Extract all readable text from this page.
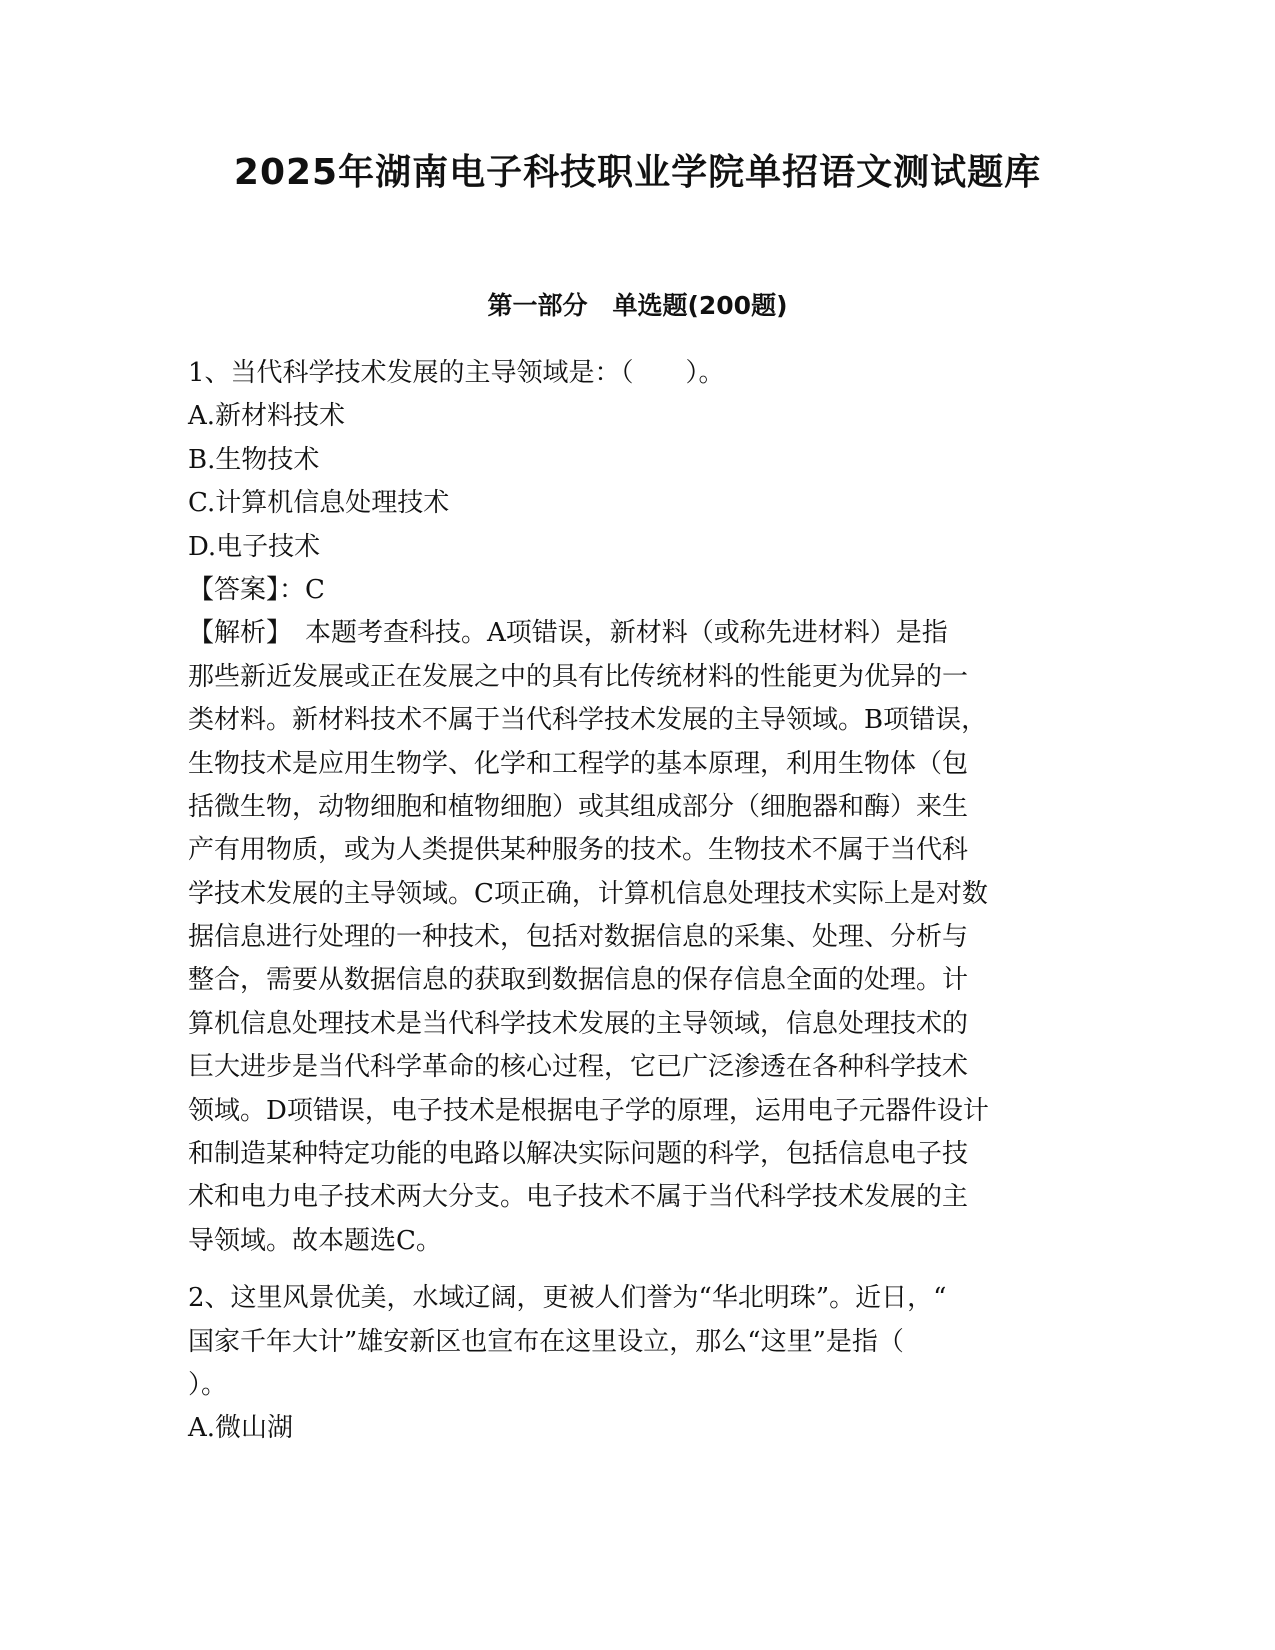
2025年湖南电子科技职业学院单招语文测试题库
第一部分　单选题(200题)
1、当代科学技术发展的主导领域是：（　　）。
A.新材料技术
B.生物技术
C.计算机信息处理技术
D.电子技术
【答案】：C
【解析】　本题考查科技。A项错误，新材料（或称先进材料）是指
那些新近发展或正在发展之中的具有比传统材料的性能更为优异的一
类材料。新材料技术不属于当代科学技术发展的主导领域。B项错误，
生物技术是应用生物学、化学和工程学的基本原理，利用生物体（包
括微生物，动物细胞和植物细胞）或其组成部分（细胞器和酶）来生
产有用物质，或为人类提供某种服务的技术。生物技术不属于当代科
学技术发展的主导领域。C项正确，计算机信息处理技术实际上是对数
据信息进行处理的一种技术，包括对数据信息的采集、处理、分析与
整合，需要从数据信息的获取到数据信息的保存信息全面的处理。计
算机信息处理技术是当代科学技术发展的主导领域，信息处理技术的
巨大进步是当代科学革命的核心过程，它已广泛渗透在各种科学技术
领域。D项错误，电子技术是根据电子学的原理，运用电子元器件设计
和制造某种特定功能的电路以解决实际问题的科学，包括信息电子技
术和电力电子技术两大分支。电子技术不属于当代科学技术发展的主
导领域。故本题选C。
2、这里风景优美，水域辽阔，更被人们誉为“华北明珠”。近日，“
国家千年大计”雄安新区也宣布在这里设立，那么“这里”是指（
）。
A.微山湖
